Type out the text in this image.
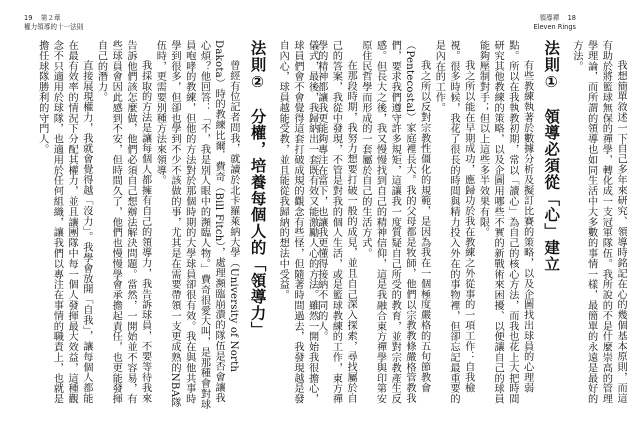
19 第２章
權力領導的十一法則
領導禪 18
Eleven Rings

我想簡單敘述一下自己多年來研究、領導時銘記在心的幾個基本原則，而這有助於將籃球無保的禪學，轉化成一支冠軍隊伍。我所說的不是什麼崇高的管理學理論，而所謂的領導也如同生活中大多數的事情一樣，最簡單的永遠是最好的方法。

法則①　領導必須從「心」建立

有些教練執著於數據分析及擬訂比賽的策略，以及企圖找出球員的心理弱點。所以在我執教初期，常以「讀心」為自己的核心方法，而我也花上大把時間研究其他教練的策略，以及企圖用哪些不實的新戰術來困擾、以便讓自己的球員能夠壓制對手；但以上這些多半效果有限。

我之所以能在早期成功，應歸功於我在教練之外從事的一項工作：自我檢視。很多時候，我花了很長的時間與精力投入外在的事物裡，但卻忘記最重要的是內在的工作。

我之所以反對宗教性僵化的規範，是因為我在一個極度嚴格的五旬節教會（Pentecostal）家庭裡長大。我的父母都是牧師，他們以宗教教條嚴格管教我們，要求我們遵守許多規矩，這讓我一度質疑自己所受的教育，並對宗教產生反感。但長大之後，我又慢慢找到自己的精神信仰，這是我融合東方禪學與印第安原住民哲學而形成的一套屬於自己的生活方式。

在那段時期，我努力想要打破一般的成見，並且自己深入探索，尋找屬於自己的答案，我從中發現，不管是對我的個人生活，或是籃球教練的工作，東方禪學的精神都讓我更能夠專注在當下，也讓我更懂得接納不同的人。

儀式，最後，我歸納出一套既有效又能激勵人心的方法。雖然一開始我很擔心，球員們會不會覺得這套打破成規的觀念有些怪，但隨著時間過去，我發現越是發自內心，球員越能受教，並且能從我歸納的想法中受益。

法則②　分權，培養每個人的「領導力」

曾經有位記者問我，就讀於北卡羅萊納大學（University of North Dakota）時的教練比爾．費奇（Bill Fitch），處理瀕臨崩潰的隊伍是否會讓我心煩？他回答：「不，我是別人眼中的瀕臨人物。」費奇很愛大叫，是那種會對球員咆哮的教練，但他的方法對於那個時期的大學球員卻很有效。我在與他共事時學到很多，但卻也學到不少不該做的事，尤其是在需要帶領一支更成熟的NBA隊伍時，更需要別種方法來領導。

我採取的方法是讓每個人都擁有自己的領導力，我告訴球員，不要等待我來告訴他們該怎麼做，他們必須自己想辦法解決問題。當然，一開始並不容易，有些球員會因此感到不安，但時間久了，他們也慢慢學會承擔起責任，也更能發揮自己的潛力。

直接展現權力，我就會覺得越「沒力」。我學會放開「自我」，讓每個人都能在最有效率的情況下分配其權力，並且讓團隊中每一個人發揮最大效益，這種觀念不只適用於球隊，也適用於任何組織，讓我們以專注在事情的職責上，也就是擔任球隊勝利的守門人。
